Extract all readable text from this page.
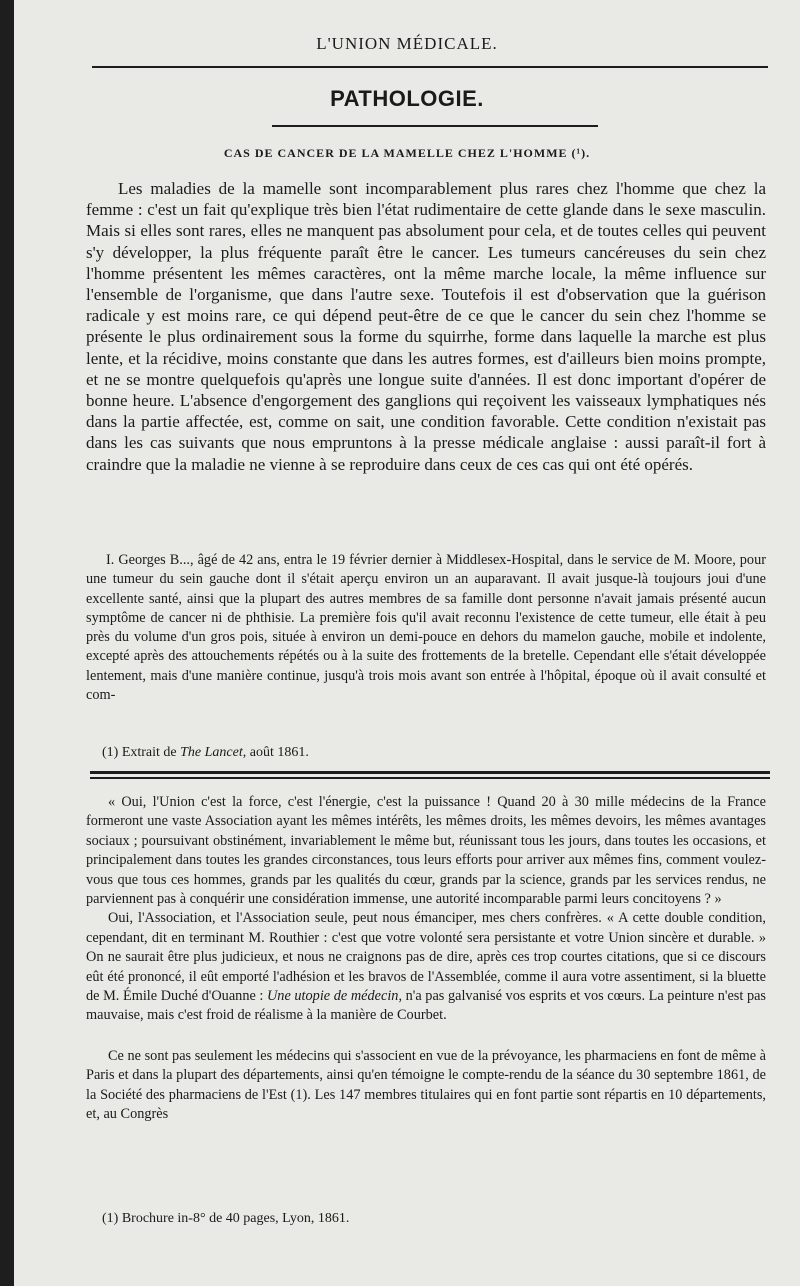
L'UNION MÉDICALE.
PATHOLOGIE.
CAS DE CANCER DE LA MAMELLE CHEZ L'HOMME (¹).

Les maladies de la mamelle sont incomparablement plus rares chez l'homme que chez la femme : c'est un fait qu'explique très bien l'état rudimentaire de cette glande dans le sexe masculin. Mais si elles sont rares, elles ne manquent pas absolument pour cela, et de toutes celles qui peuvent s'y développer, la plus fréquente paraît être le cancer. Les tumeurs cancéreuses du sein chez l'homme présentent les mêmes caractères, ont la même marche locale, la même influence sur l'ensemble de l'organisme, que dans l'autre sexe. Toutefois il est d'observation que la guérison radicale y est moins rare, ce qui dépend peut-être de ce que le cancer du sein chez l'homme se présente le plus ordinairement sous la forme du squirrhe, forme dans laquelle la marche est plus lente, et la récidive, moins constante que dans les autres formes, est d'ailleurs bien moins prompte, et ne se montre quelquefois qu'après une longue suite d'années. Il est donc important d'opérer de bonne heure. L'absence d'engorgement des ganglions qui reçoivent les vaisseaux lymphatiques nés dans la partie affectée, est, comme on sait, une condition favorable. Cette condition n'existait pas dans les cas suivants que nous empruntons à la presse médicale anglaise : aussi paraît-il fort à craindre que la maladie ne vienne à se reproduire dans ceux de ces cas qui ont été opérés.

I. Georges B..., âgé de 42 ans, entra le 19 février dernier à Middlesex-Hospital, dans le service de M. Moore, pour une tumeur du sein gauche dont il s'était aperçu environ un an auparavant. Il avait jusque-là toujours joui d'une excellente santé, ainsi que la plupart des autres membres de sa famille dont personne n'avait jamais présenté aucun symptôme de cancer ni de phthisie. La première fois qu'il avait reconnu l'existence de cette tumeur, elle était à peu près du volume d'un gros pois, située à environ un demi-pouce en dehors du mamelon gauche, mobile et indolente, excepté après des attouchements répétés ou à la suite des frottements de la bretelle. Cependant elle s'était développée lentement, mais d'une manière continue, jusqu'à trois mois avant son entrée à l'hôpital, époque où il avait consulté et com-

(1) Extrait de The Lancet, août 1861.

« Oui, l'Union c'est la force, c'est l'énergie, c'est la puissance ! Quand 20 à 30 mille médecins de la France formeront une vaste Association ayant les mêmes intérêts, les mêmes droits, les mêmes devoirs, les mêmes avantages sociaux ; poursuivant obstinément, invariablement le même but, réunissant tous les jours, dans toutes les occasions, et principalement dans toutes les grandes circonstances, tous leurs efforts pour arriver aux mêmes fins, comment voulez-vous que tous ces hommes, grands par les qualités du cœur, grands par la science, grands par les services rendus, ne parviennent pas à conquérir une considération immense, une autorité incomparable parmi leurs concitoyens ? »

Oui, l'Association, et l'Association seule, peut nous émanciper, mes chers confrères. « A cette double condition, cependant, dit en terminant M. Routhier : c'est que votre volonté sera persistante et votre Union sincère et durable. » On ne saurait être plus judicieux, et nous ne craignons pas de dire, après ces trop courtes citations, que si ce discours eût été prononcé, il eût emporté l'adhésion et les bravos de l'Assemblée, comme il aura votre assentiment, si la bluette de M. Émile Duché d'Ouanne : Une utopie de médecin, n'a pas galvanisé vos esprits et vos cœurs. La peinture n'est pas mauvaise, mais c'est froid de réalisme à la manière de Courbet.

Ce ne sont pas seulement les médecins qui s'associent en vue de la prévoyance, les pharmaciens en font de même à Paris et dans la plupart des départements, ainsi qu'en témoigne le compte-rendu de la séance du 30 septembre 1861, de la Société des pharmaciens de l'Est (1). Les 147 membres titulaires qui en font partie sont répartis en 10 départements, et, au Congrès

(1) Brochure in-8° de 40 pages, Lyon, 1861.
